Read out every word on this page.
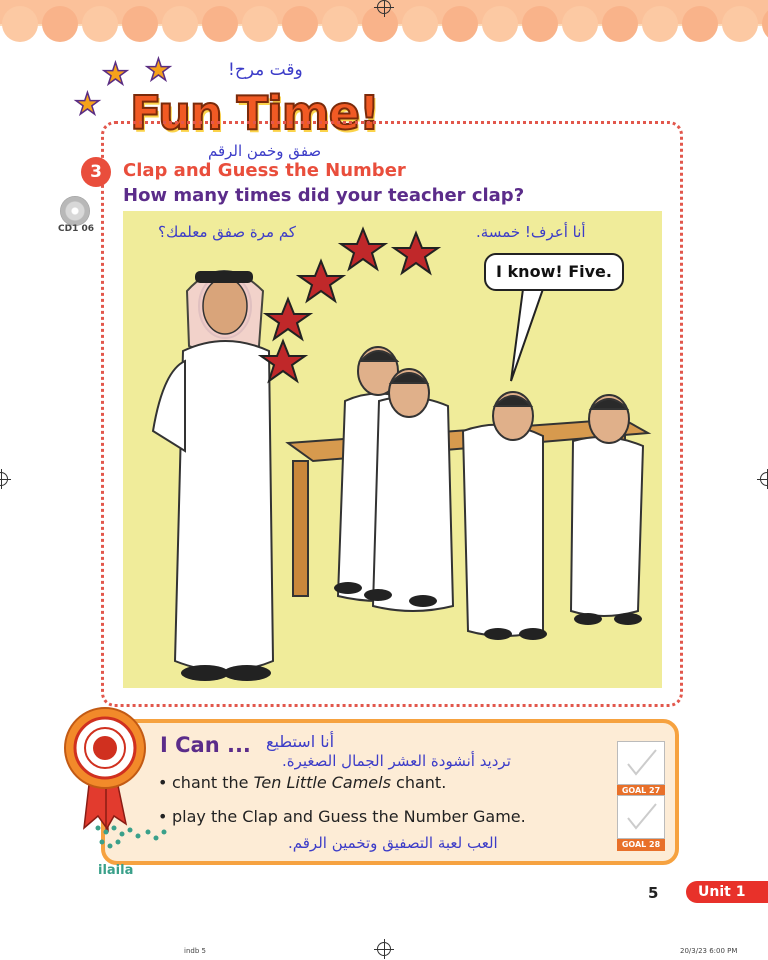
★ ★
★
وقت مرح!
Fun Time!
3
صفق وخمن الرقم
Clap and Guess the Number
How many times did your teacher clap?
CD1 06
I know! Five.
كم مرة صفق معلمك؟	أنا أعرف! خمسة.
I Can ... أنا استطيع
ترديد أنشودة العشر الجمال الصغيرة.
• chant the Ten Little Camels chant.
• play the Clap and Guess the Number Game.
العب لعبة التصفيق وتخمين الرقم.
GOAL 27
GOAL 28
ilaila
5	Unit 1
indb 5	20/3/23 6:00 PM
